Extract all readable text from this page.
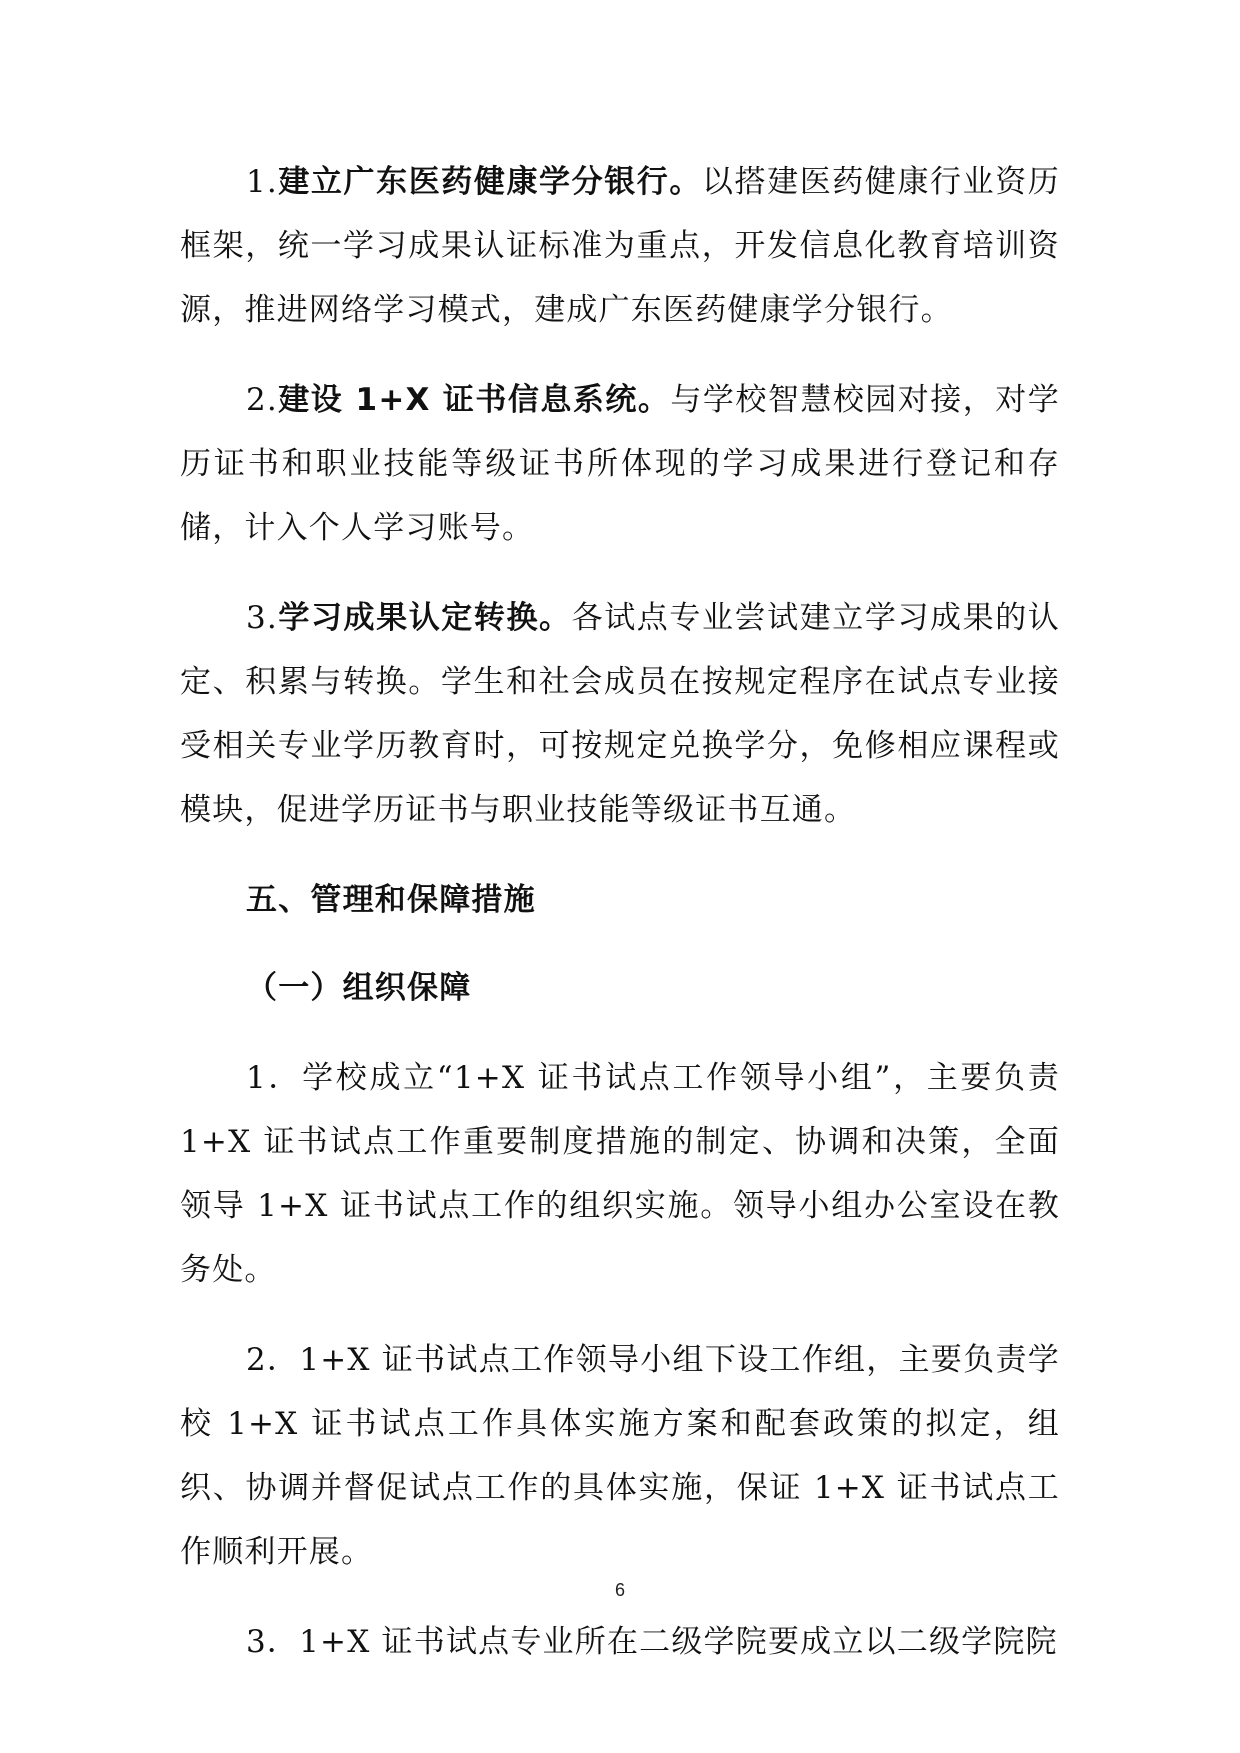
1.建立广东医药健康学分银行。以搭建医药健康行业资历框架，统一学习成果认证标准为重点，开发信息化教育培训资源，推进网络学习模式，建成广东医药健康学分银行。

2.建设 1+X 证书信息系统。与学校智慧校园对接，对学历证书和职业技能等级证书所体现的学习成果进行登记和存储，计入个人学习账号。

3.学习成果认定转换。各试点专业尝试建立学习成果的认定、积累与转换。学生和社会成员在按规定程序在试点专业接受相关专业学历教育时，可按规定兑换学分，免修相应课程或模块，促进学历证书与职业技能等级证书互通。

五、管理和保障措施
（一）组织保障

1．学校成立“1+X 证书试点工作领导小组”，主要负责 1+X 证书试点工作重要制度措施的制定、协调和决策，全面领导 1+X 证书试点工作的组织实施。领导小组办公室设在教务处。

2．1+X 证书试点工作领导小组下设工作组，主要负责学校 1+X 证书试点工作具体实施方案和配套政策的拟定，组织、协调并督促试点工作的具体实施，保证 1+X 证书试点工作顺利开展。

3．1+X 证书试点专业所在二级学院要成立以二级学院院

6
